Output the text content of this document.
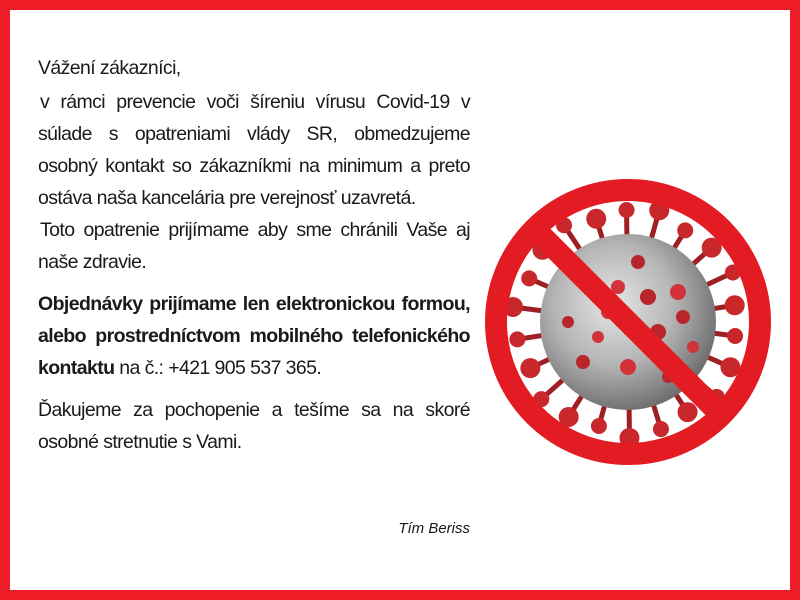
Vážení zákazníci,

v rámci prevencie voči šíreniu vírusu Covid-19 v súlade s opatreniami vlády SR, obmedzujeme osobný kontakt so zákazníkmi na minimum a preto ostáva naša kancelária pre verejnosť uzavretá.

Toto opatrenie prijímame aby sme chránili Vaše aj naše zdravie.

Objednávky prijímame len elektronickou formou, alebo prostredníctvom mobilného telefonického kontaktu na č.: +421 905 537 365.

Ďakujeme za pochopenie a tešíme sa na skoré osobné stretnutie s Vami.

Tím Beriss
